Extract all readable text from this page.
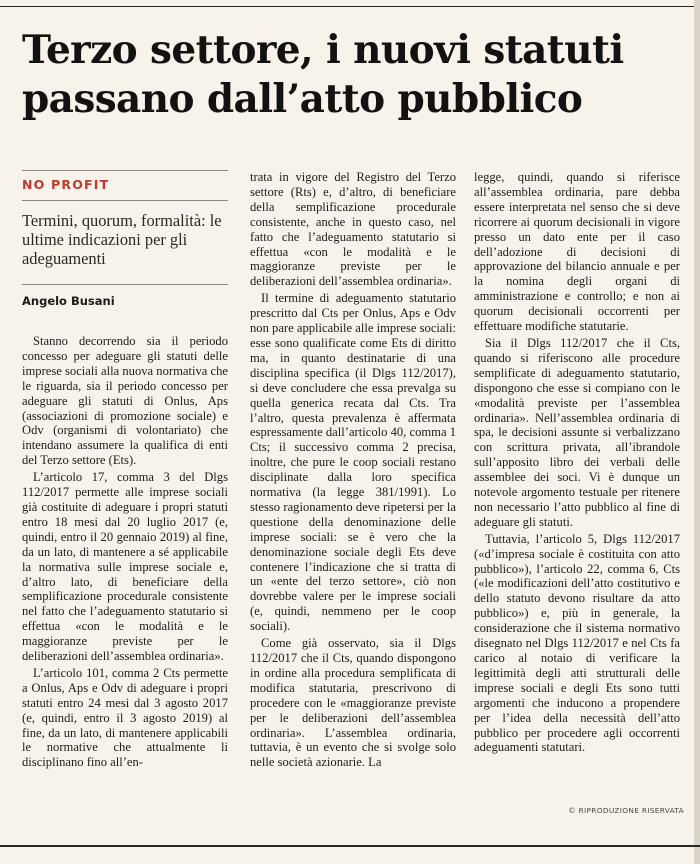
Terzo settore, i nuovi statuti passano dall’atto pubblico
NO PROFIT
Termini, quorum, formalità: le ultime indicazioni per gli adeguamenti
Angelo Busani

Stanno decorrendo sia il periodo concesso per adeguare gli statuti delle imprese sociali alla nuova normativa che le riguarda, sia il periodo concesso per adeguare gli statuti di Onlus, Aps (associazioni di promozione sociale) e Odv (organismi di volontariato) che intendano assumere la qualifica di enti del Terzo settore (Ets).

L’articolo 17, comma 3 del Dlgs 112/2017 permette alle imprese sociali già costituite di adeguare i propri statuti entro 18 mesi dal 20 luglio 2017 (e, quindi, entro il 20 gennaio 2019) al fine, da un lato, di mantenere a sé applicabile la normativa sulle imprese sociale e, d’altro lato, di beneficiare della semplificazione procedurale consistente nel fatto che l’adeguamento statutario si effettua «con le modalità e le maggioranze previste per le deliberazioni dell’assemblea ordinaria».

L’articolo 101, comma 2 Cts permette a Onlus, Aps e Odv di adeguare i propri statuti entro 24 mesi dal 3 agosto 2017 (e, quindi, entro il 3 agosto 2019) al fine, da un lato, di mantenere applicabili le normative che attualmente li disciplinano fino all’en-

trata in vigore del Registro del Terzo settore (Rts) e, d’altro, di beneficiare della semplificazione procedurale consistente, anche in questo caso, nel fatto che l’adeguamento statutario si effettua «con le modalità e le maggioranze previste per le deliberazioni dell’assemblea ordinaria».

Il termine di adeguamento statutario prescritto dal Cts per Onlus, Aps e Odv non pare applicabile alle imprese sociali: esse sono qualificate come Ets di diritto ma, in quanto destinatarie di una disciplina specifica (il Dlgs 112/2017), si deve concludere che essa prevalga su quella generica recata dal Cts. Tra l’altro, questa prevalenza è affermata espressamente dall’articolo 40, comma 1 Cts; il successivo comma 2 precisa, inoltre, che pure le coop sociali restano disciplinate dalla loro specifica normativa (la legge 381/1991). Lo stesso ragionamento deve ripetersi per la questione della denominazione delle imprese sociali: se è vero che la denominazione sociale degli Ets deve contenere l’indicazione che si tratta di un «ente del terzo settore», ciò non dovrebbe valere per le imprese sociali (e, quindi, nemmeno per le coop sociali).

Come già osservato, sia il Dlgs 112/2017 che il Cts, quando dispongono in ordine alla procedura semplificata di modifica statutaria, prescrivono di procedere con le «maggioranze previste per le deliberazioni dell’assemblea ordinaria». L’assemblea ordinaria, tuttavia, è un evento che si svolge solo nelle società azionarie. La

legge, quindi, quando si riferisce all’assemblea ordinaria, pare debba essere interpretata nel senso che si deve ricorrere ai quorum decisionali in vigore presso un dato ente per il caso dell’adozione di decisioni di approvazione del bilancio annuale e per la nomina degli organi di amministrazione e controllo; e non ai quorum decisionali occorrenti per effettuare modifiche statutarie.

Sia il Dlgs 112/2017 che il Cts, quando si riferiscono alle procedure semplificate di adeguamento statutario, dispongono che esse si compiano con le «modalità previste per l’assemblea ordinaria». Nell’assemblea ordinaria di spa, le decisioni assunte si verbalizzano con scrittura privata, all’ibrandole sull’apposito libro dei verbali delle assemblee dei soci. Vi è dunque un notevole argomento testuale per ritenere non necessario l’atto pubblico al fine di adeguare gli statuti.

Tuttavia, l’articolo 5, Dlgs 112/2017 («d’impresa sociale è costituita con atto pubblico»), l’articolo 22, comma 6, Cts («le modificazioni dell’atto costitutivo e dello statuto devono risultare da atto pubblico») e, più in generale, la considerazione che il sistema normativo disegnato nel Dlgs 112/2017 e nel Cts fa carico al notaio di verificare la legittimità degli atti strutturali delle imprese sociali e degli Ets sono tutti argomenti che inducono a propendere per l’idea della necessità dell’atto pubblico per procedere agli occorrenti adeguamenti statutari.

© RIPRODUZIONE RISERVATA
